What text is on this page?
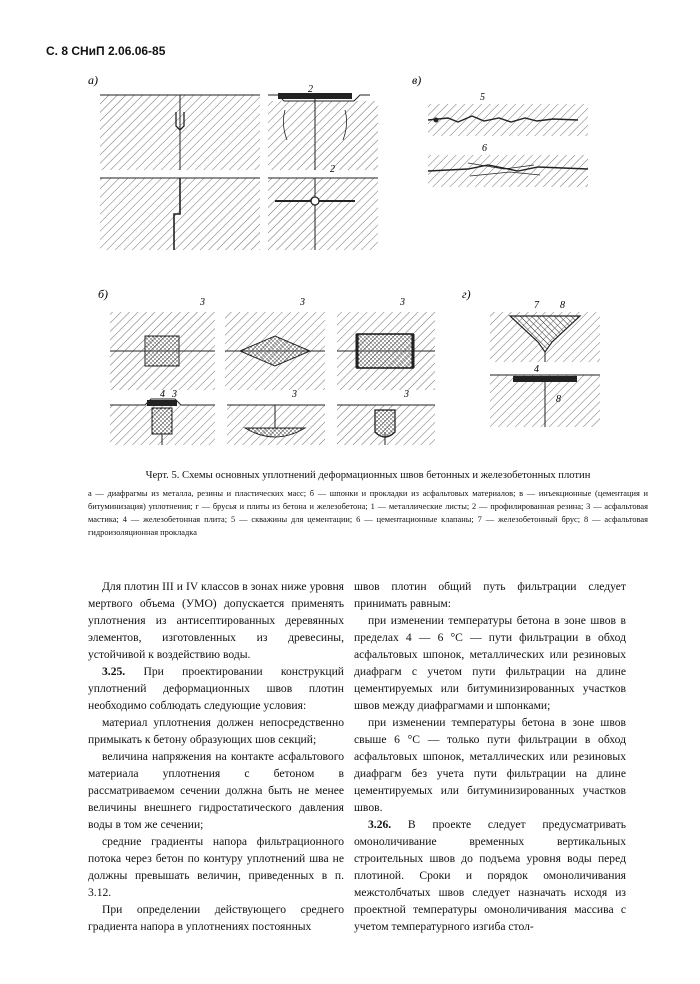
С. 8 СНиП 2.06.06-85
а)	в)
б)	г)
2
2
5
6
3	3	3
4 3	3	3
7 8
4
8
Черт. 5. Схемы основных уплотнений деформационных швов бетонных и железобетонных плотин
а — диафрагмы из металла, резины и пластических масс; б — шпонки и прокладки из асфальтовых материалов; в — инъекционные (цементация и битуминизация) уплотнения; г — брусья и плиты из бетона и железобетона; 1 — металлические листы; 2 — профилированная резина; 3 — асфальтовая мастика; 4 — железобетонная плита; 5 — скважины для цементации; 6 — цементационные клапаны; 7 — железобетонный брус; 8 — асфальтовая гидроизоляционная прокладка

Для плотин III и IV классов в зонах ниже уровня мертвого объема (УМО) допускается применять уплотнения из антисептированных деревянных элементов, изготовленных из древесины, устойчивой к воздействию воды.

3.25. При проектировании конструкций уплотнений деформационных швов плотин необходимо соблюдать следующие условия:

материал уплотнения должен непосредственно примыкать к бетону образующих шов секций;

величина напряжения на контакте асфальтового материала уплотнения с бетоном в рассматриваемом сечении должна быть не менее величины внешнего гидростатического давления воды в том же сечении;

средние градиенты напора фильтрационного потока через бетон по контуру уплотнений шва не должны превышать величин, приведенных в п. 3.12.

При определении действующего среднего градиента напора в уплотнениях постоянных

швов плотин общий путь фильтрации следует принимать равным:

при изменении температуры бетона в зоне швов в пределах 4 — 6 °С — пути фильтрации в обход асфальтовых шпонок, металлических или резиновых диафрагм с учетом пути фильтрации на длине цементируемых или битуминизированных участков швов между диафрагмами и шпонками;

при изменении температуры бетона в зоне швов свыше 6 °С — только пути фильтрации в обход асфальтовых шпонок, металлических или резиновых диафрагм без учета пути фильтрации на длине цементируемых или битуминизированных участков швов.

3.26. В проекте следует предусматривать омоноличивание временных вертикальных строительных швов до подъема уровня воды перед плотиной. Сроки и порядок омоноличивания межстолбчатых швов следует назначать исходя из проектной температуры омоноличивания массива с учетом температурного изгиба стол-
